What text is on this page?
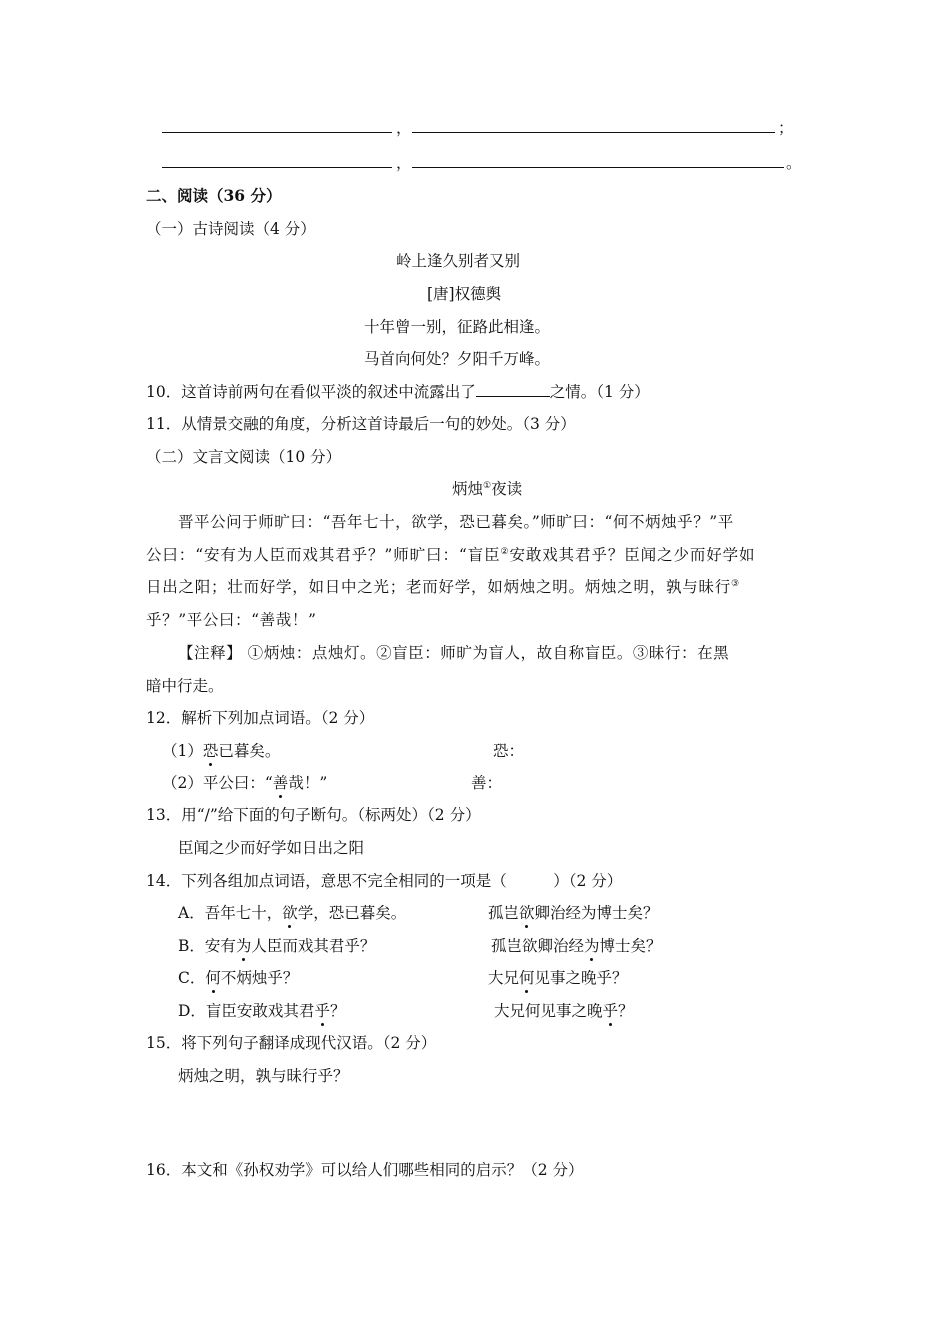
，	；
，	。
二、阅读（36 分）
（一）古诗阅读（4 分）
岭上逢久别者又别
[唐]权德舆
十年曾一别，征路此相逢。
马首向何处？夕阳千万峰。
10．这首诗前两句在看似平淡的叙述中流露出了	之情。（1 分）
11．从情景交融的角度，分析这首诗最后一句的妙处。（3 分）
（二）文言文阅读（10 分）
炳烛①夜读
晋平公问于师旷曰：“吾年七十，欲学，恐已暮矣。”师旷曰：“何不炳烛乎？”平
公曰：“安有为人臣而戏其君乎？”师旷曰：“盲臣②安敢戏其君乎？臣闻之少而好学如
日出之阳；壮而好学，如日中之光；老而好学，如炳烛之明。炳烛之明，孰与昧行③
乎？”平公曰：“善哉！”
【注释】 ①炳烛：点烛灯。②盲臣：师旷为盲人，故自称盲臣。③昧行：在黑
暗中行走。
12．解析下列加点词语。（2 分）
（1）恐已暮矣。	恐：
（2）平公曰：“善哉！”	善：
13．用“/”给下面的句子断句。（标两处）（2 分）
臣闻之少而好学如日出之阳
14．下列各组加点词语，意思不完全相同的一项是（　　　）（2 分）
A．吾年七十，欲学，恐已暮矣。	孤岂欲卿治经为博士矣？
B．安有为人臣而戏其君乎？	孤岂欲卿治经为博士矣？
C．何不炳烛乎？	大兄何见事之晚乎？
D．盲臣安敢戏其君乎？	大兄何见事之晚乎？
15．将下列句子翻译成现代汉语。（2 分）
炳烛之明，孰与昧行乎？
16．本文和《孙权劝学》可以给人们哪些相同的启示？（2 分）
